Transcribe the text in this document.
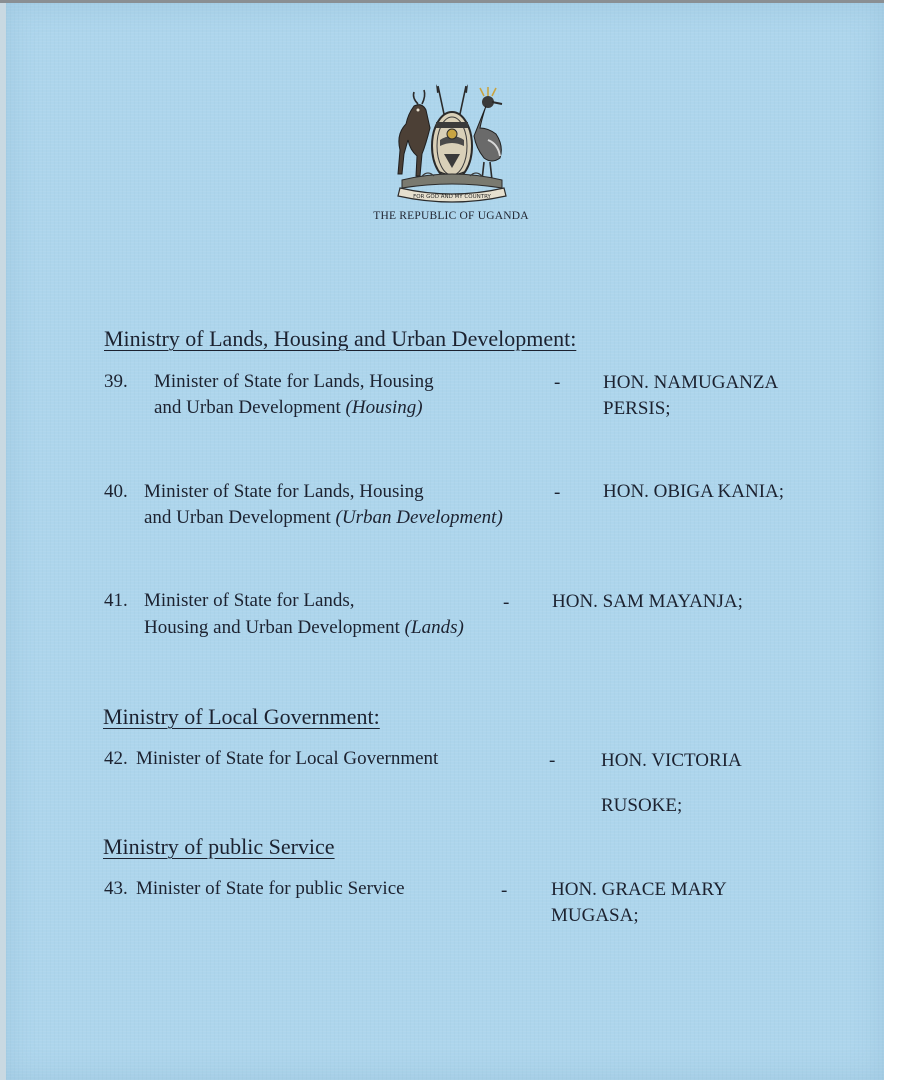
FOR GOD AND MY COUNTRY
THE REPUBLIC OF UGANDA
Ministry of Lands, Housing and Urban Development:
39. Minister of State for Lands, Housing
and Urban Development (Housing)
- HON. NAMUGANZA
PERSIS;
40. Minister of State for Lands, Housing
and Urban Development (Urban Development)
- HON. OBIGA KANIA;
41. Minister of State for Lands,
Housing and Urban Development (Lands)
- HON. SAM MAYANJA;
Ministry of Local Government:
42. Minister of State for Local Government	- HON. VICTORIA
RUSOKE;
Ministry of public Service
43. Minister of State for public Service	- HON. GRACE MARY
MUGASA;
